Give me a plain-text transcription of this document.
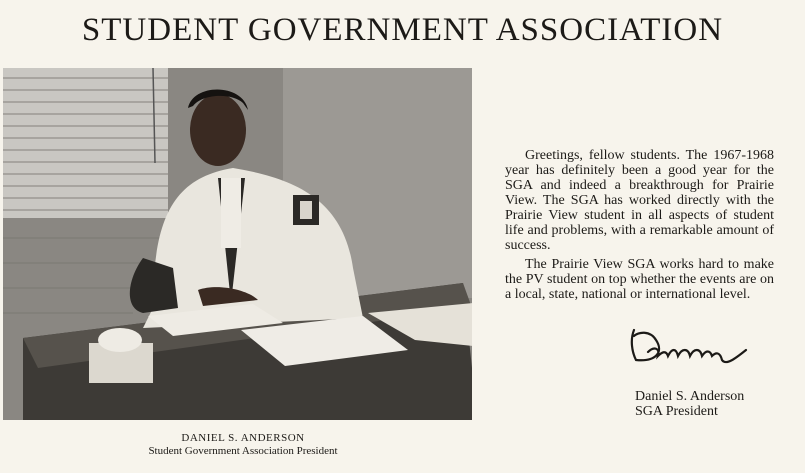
STUDENT GOVERNMENT ASSOCIATION
DANIEL S. ANDERSON
Student Government Association President

Greetings, fellow students. The 1967-1968 year has definitely been a good year for the SGA and indeed a breakthrough for Prairie View. The SGA has worked directly with the Prairie View student in all aspects of student life and problems, with a remarkable amount of success.

The Prairie View SGA works hard to make the PV student on top whether the events are on a local, state, national or international level.

Daniel S. Anderson
SGA President
